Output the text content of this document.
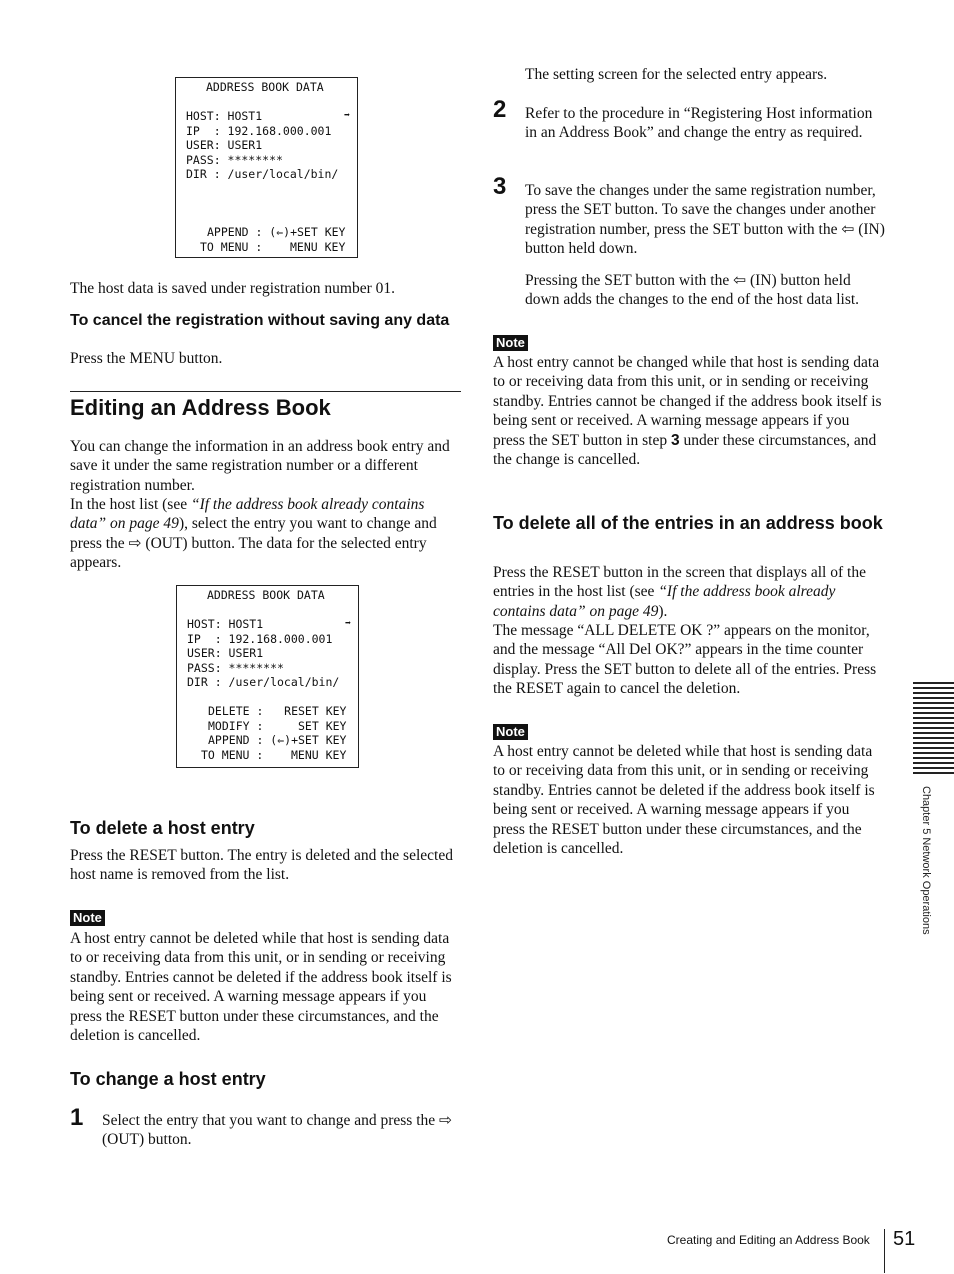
ADDRESS BOOK DATA

HOST: HOST1	➡

IP  : 192.168.000.001

USER: USER1

PASS: ********

DIR : /user/local/bin/

APPEND : (⇐)+SET KEY

TO MENU :    MENU KEY

The host data is saved under registration number 01.
To cancel the registration without saving any data
Press the MENU button.
Editing an Address Book
You can change the information in an address book entry and save it under the same registration number or a different registration number.
In the host list (see “If the address book already contains data” on page 49), select the entry you want to change and press the ⇨ (OUT) button. The data for the selected entry appears.

ADDRESS BOOK DATA

HOST: HOST1	➡

IP  : 192.168.000.001

USER: USER1

PASS: ********

DIR : /user/local/bin/

DELETE :   RESET KEY

MODIFY :     SET KEY

APPEND : (⇐)+SET KEY

TO MENU :    MENU KEY

To delete a host entry
Press the RESET button. The entry is deleted and the selected host name is removed from the list.
Note
A host entry cannot be deleted while that host is sending data to or receiving data from this unit, or in sending or receiving standby. Entries cannot be deleted if the address book itself is being sent or received. A warning message appears if you press the RESET button under these circumstances, and the deletion is cancelled.
To change a host entry
1 Select the entry that you want to change and press the ⇨ (OUT) button.
The setting screen for the selected entry appears.
2 Refer to the procedure in “Registering Host information in an Address Book” and change the entry as required.
3 To save the changes under the same registration number, press the SET button. To save the changes under another registration number, press the SET button with the ⇦ (IN) button held down.
Pressing the SET button with the ⇦ (IN) button held down adds the changes to the end of the host data list.
Note
A host entry cannot be changed while that host is sending data to or receiving data from this unit, or in sending or receiving standby. Entries cannot be changed if the address book itself is being sent or received. A warning message appears if you press the SET button in step 3 under these circumstances, and the change is cancelled.
To delete all of the entries in an address book
Press the RESET button in the screen that displays all of the entries in the host list (see “If the address book already contains data” on page 49).
The message “ALL DELETE OK ?” appears on the monitor, and the message “All Del OK?” appears in the time counter display. Press the SET button to delete all of the entries. Press the RESET again to cancel the deletion.
Note
A host entry cannot be deleted while that host is sending data to or receiving data from this unit, or in sending or receiving standby. Entries cannot be deleted if the address book itself is being sent or received. A warning message appears if you press the RESET button under these circumstances, and the deletion is cancelled.	Chapter 5 Network Operations
Creating and Editing an Address Book 51
